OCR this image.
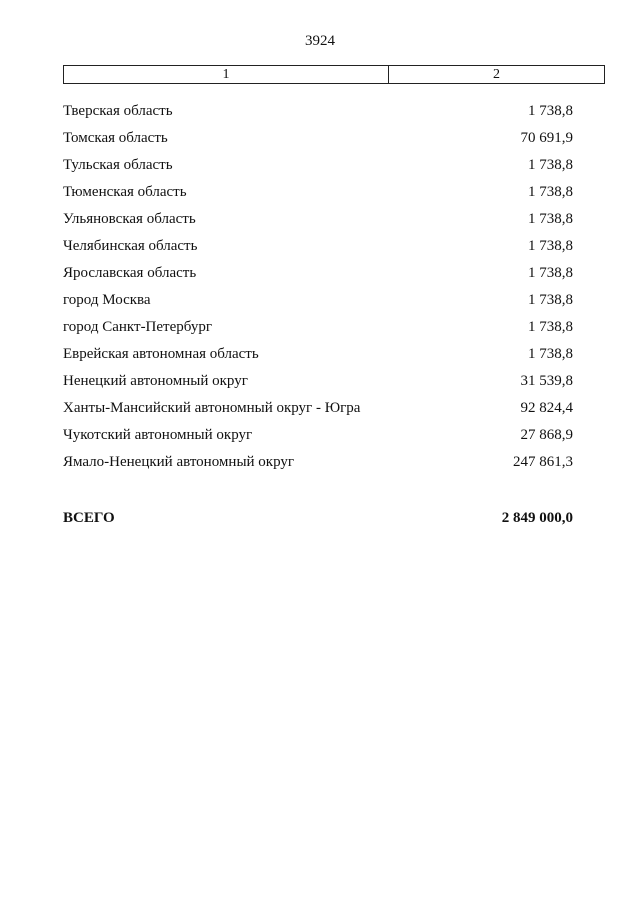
3924
1	2
Тверская область	1 738,8
Томская область	70 691,9
Тульская область	1 738,8
Тюменская область	1 738,8
Ульяновская область	1 738,8
Челябинская область	1 738,8
Ярославская область	1 738,8
город Москва	1 738,8
город Санкт-Петербург	1 738,8
Еврейская автономная область	1 738,8
Ненецкий автономный округ	31 539,8
Ханты-Мансийский автономный округ - Югра	92 824,4
Чукотский автономный округ	27 868,9
Ямало-Ненецкий автономный округ	247 861,3
ВСЕГО	2 849 000,0
